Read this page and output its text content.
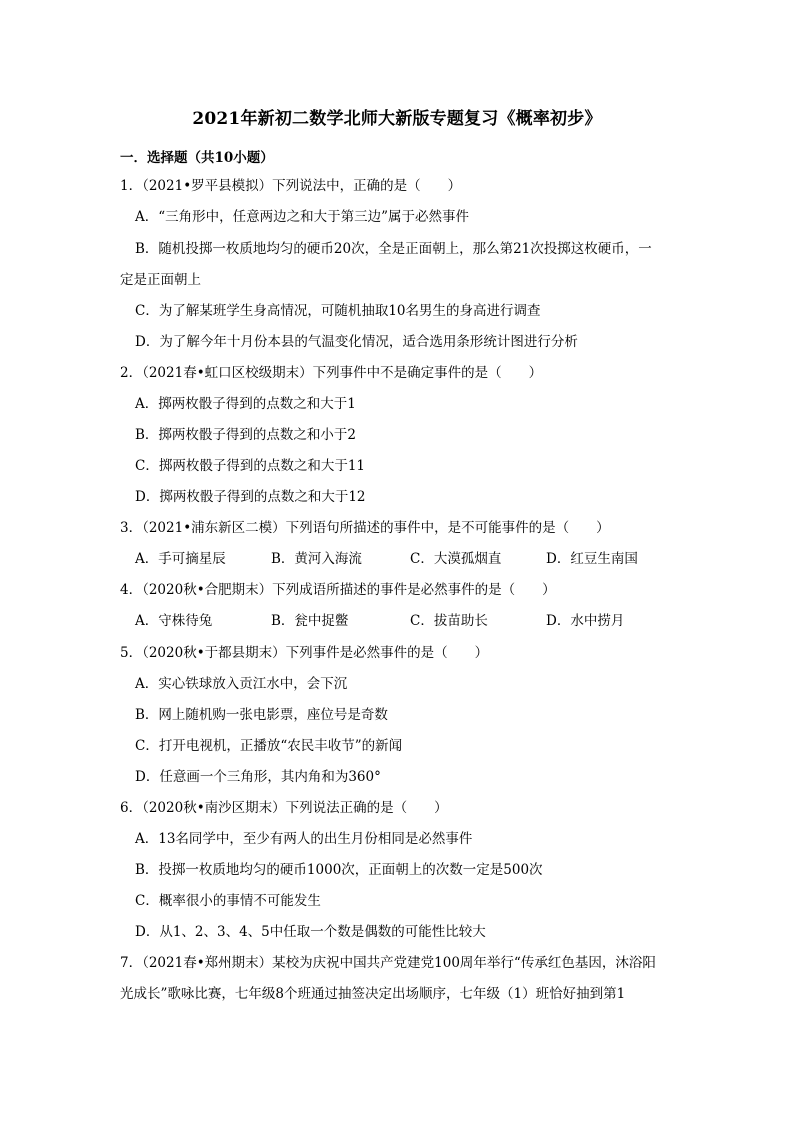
2021年新初二数学北师大新版专题复习《概率初步》
一．选择题（共10小题）
1．（2021•罗平县模拟）下列说法中，正确的是（　　）
A．“三角形中，任意两边之和大于第三边”属于必然事件
B．随机投掷一枚质地均匀的硬币20次，全是正面朝上，那么第21次投掷这枚硬币，一
定是正面朝上
C．为了解某班学生身高情况，可随机抽取10名男生的身高进行调查
D．为了解今年十月份本县的气温变化情况，适合选用条形统计图进行分析
2．（2021春•虹口区校级期末）下列事件中不是确定事件的是（　　）
A．掷两枚骰子得到的点数之和大于1
B．掷两枚骰子得到的点数之和小于2
C．掷两枚骰子得到的点数之和大于11
D．掷两枚骰子得到的点数之和大于12
3．（2021•浦东新区二模）下列语句所描述的事件中，是不可能事件的是（　　）
A．手可摘星辰	B．黄河入海流	C．大漠孤烟直	D．红豆生南国
4．（2020秋•合肥期末）下列成语所描述的事件是必然事件的是（　　）
A．守株待兔	B．瓮中捉鳖	C．拔苗助长	D．水中捞月
5．（2020秋•于都县期末）下列事件是必然事件的是（　　）
A．实心铁球放入贡江水中，会下沉
B．网上随机购一张电影票，座位号是奇数
C．打开电视机，正播放“农民丰收节”的新闻
D．任意画一个三角形，其内角和为360°
6．（2020秋•南沙区期末）下列说法正确的是（　　）
A．13名同学中，至少有两人的出生月份相同是必然事件
B．投掷一枚质地均匀的硬币1000次，正面朝上的次数一定是500次
C．概率很小的事情不可能发生
D．从1、2、3、4、5中任取一个数是偶数的可能性比较大
7．（2021春•郑州期末）某校为庆祝中国共产党建党100周年举行“传承红色基因，沐浴阳
光成长”歌咏比赛，七年级8个班通过抽签决定出场顺序，七年级（1）班恰好抽到第1
